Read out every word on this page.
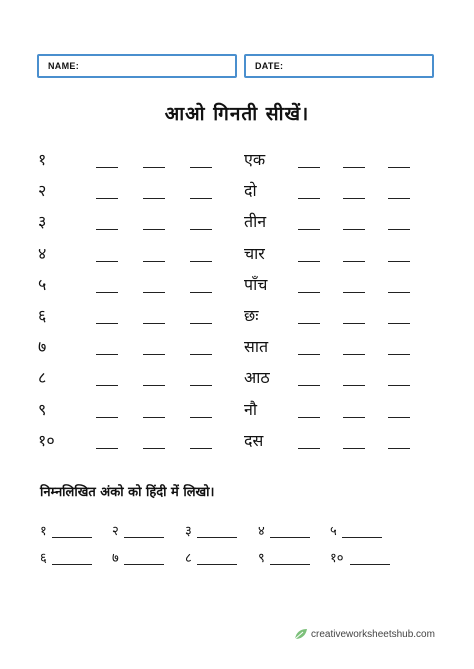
NAME:	DATE:
आओ गिनती सीखें।
१	एक
२	दो
३	तीन
४	चार
५	पाँच
६	छः
७	सात
८	आठ
९	नौ
१०	दस
निम्नलिखित अंको को हिंदी में लिखो।
१	२	३	४	५
६	७	८	९	१०
creativeworksheetshub.com
